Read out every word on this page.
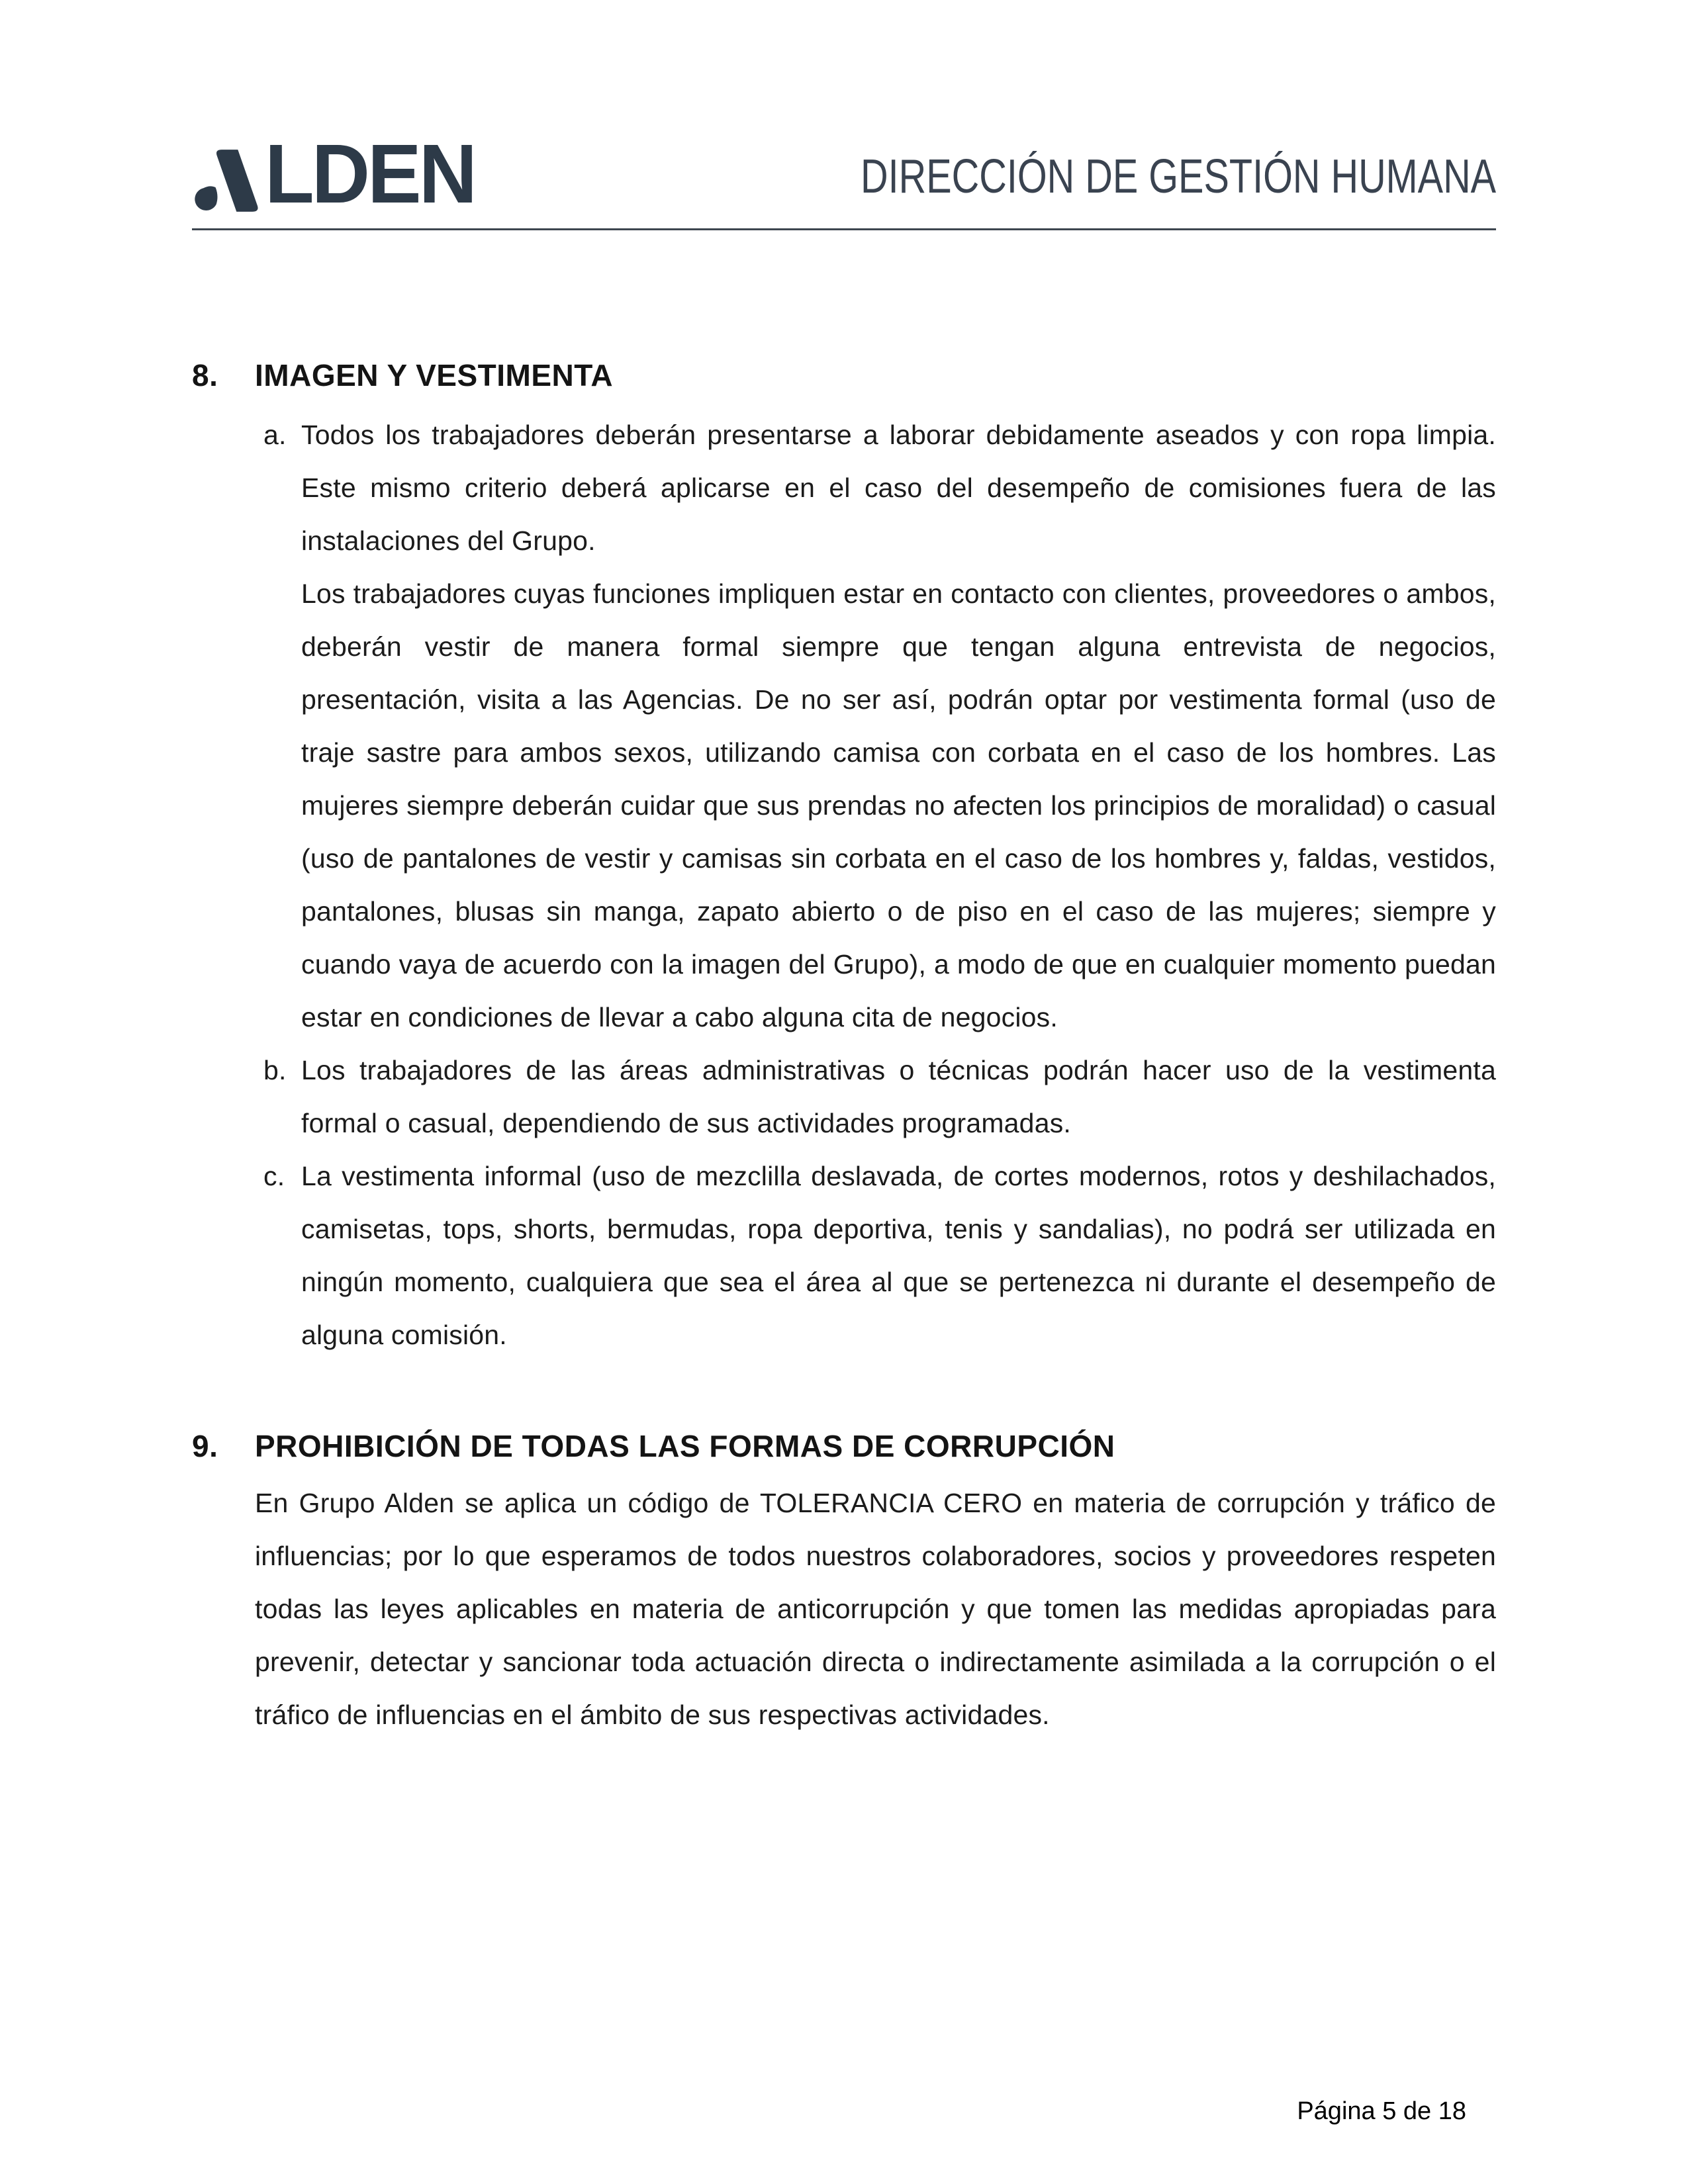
LDEN	DIRECCIÓN DE GESTIÓN HUMANA
8. IMAGEN Y VESTIMENTA
a. Todos los trabajadores deberán presentarse a laborar debidamente aseados y con ropa limpia. Este mismo criterio deberá aplicarse en el caso del desempeño de comisiones fuera de las instalaciones del Grupo.

Los trabajadores cuyas funciones impliquen estar en contacto con clientes, proveedores o ambos, deberán vestir de manera formal siempre que tengan alguna entrevista de negocios, presentación, visita a las Agencias. De no ser así, podrán optar por vestimenta formal (uso de traje sastre para ambos sexos, utilizando camisa con corbata en el caso de los hombres. Las mujeres siempre deberán cuidar que sus prendas no afecten los principios de moralidad) o casual (uso de pantalones de vestir y camisas sin corbata en el caso de los hombres y, faldas, vestidos, pantalones, blusas sin manga, zapato abierto o de piso en el caso de las mujeres; siempre y cuando vaya de acuerdo con la imagen del Grupo), a modo de que en cualquier momento puedan estar en condiciones de llevar a cabo alguna cita de negocios.

b. Los trabajadores de las áreas administrativas o técnicas podrán hacer uso de la vestimenta formal o casual, dependiendo de sus actividades programadas.

c. La vestimenta informal (uso de mezclilla deslavada, de cortes modernos, rotos y deshilachados, camisetas, tops, shorts, bermudas, ropa deportiva, tenis y sandalias), no podrá ser utilizada en ningún momento, cualquiera que sea el área al que se pertenezca ni durante el desempeño de alguna comisión.

9. PROHIBICIÓN DE TODAS LAS FORMAS DE CORRUPCIÓN

En Grupo Alden se aplica un código de TOLERANCIA CERO en materia de corrupción y tráfico de influencias; por lo que esperamos de todos nuestros colaboradores, socios y proveedores respeten todas las leyes aplicables en materia de anticorrupción y que tomen las medidas apropiadas para prevenir, detectar y sancionar toda actuación directa o indirectamente asimilada a la corrupción o el tráfico de influencias en el ámbito de sus respectivas actividades.

Página 5 de 18
